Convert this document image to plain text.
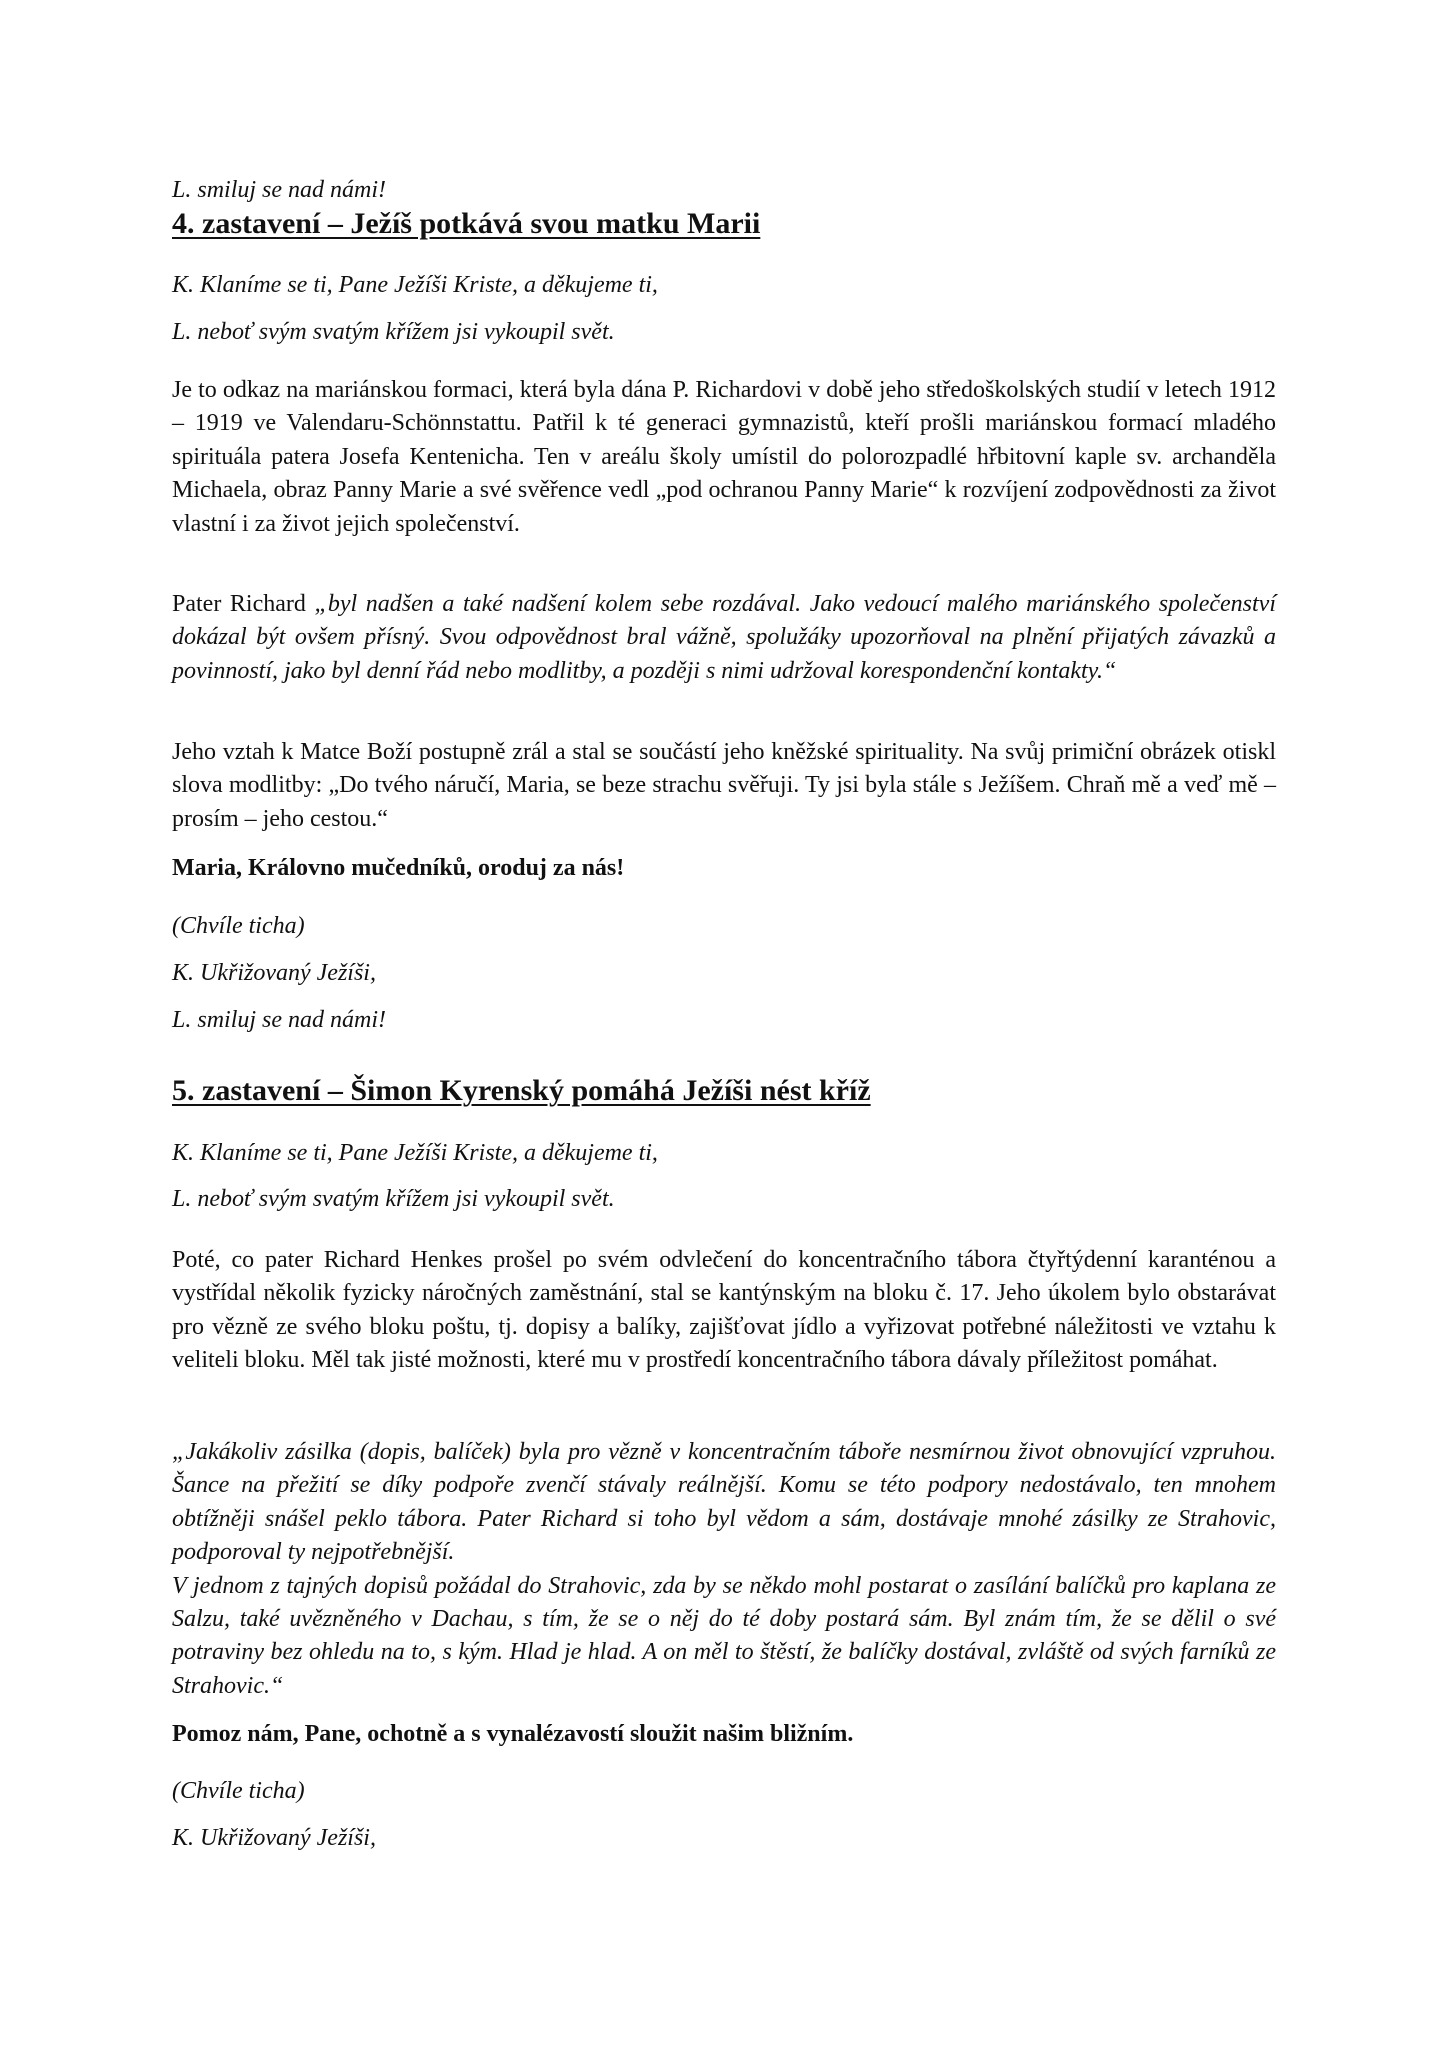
L. smiluj se nad námi!

4. zastavení – Ježíš potkává svou matku Marii

K. Klaníme se ti, Pane Ježíši Kriste, a děkujeme ti,

L. neboť svým svatým křížem jsi vykoupil svět.

Je to odkaz na mariánskou formaci, která byla dána P. Richardovi v době jeho středoškolských studií v letech 1912 – 1919 ve Valendaru-Schönnstattu. Patřil k té generaci gymnazistů, kteří prošli mariánskou formací mladého spirituála patera Josefa Kentenicha. Ten v areálu školy umístil do polorozpadlé hřbitovní kaple sv. archanděla Michaela, obraz Panny Marie a své svěřence vedl „pod ochranou Panny Marie“ k rozvíjení zodpovědnosti za život vlastní i za život jejich společenství.

Pater Richard „byl nadšen a také nadšení kolem sebe rozdával. Jako vedoucí malého mariánského společenství dokázal být ovšem přísný. Svou odpovědnost bral vážně, spolužáky upozorňoval na plnění přijatých závazků a povinností, jako byl denní řád nebo modlitby, a později s nimi udržoval korespondenční kontakty.“

Jeho vztah k Matce Boží postupně zrál a stal se součástí jeho kněžské spirituality. Na svůj primiční obrázek otiskl slova modlitby: „Do tvého náručí, Maria, se beze strachu svěřuji. Ty jsi byla stále s Ježíšem. Chraň mě a veď mě – prosím – jeho cestou.“

Maria, Královno mučedníků, oroduj za nás!

(Chvíle ticha)

K. Ukřižovaný Ježíši,

L. smiluj se nad námi!

5. zastavení – Šimon Kyrenský pomáhá Ježíši nést kříž

K. Klaníme se ti, Pane Ježíši Kriste, a děkujeme ti,

L. neboť svým svatým křížem jsi vykoupil svět.

Poté, co pater Richard Henkes prošel po svém odvlečení do koncentračního tábora čtyřtýdenní karanténou a vystřídal několik fyzicky náročných zaměstnání, stal se kantýnským na bloku č. 17. Jeho úkolem bylo obstarávat pro vězně ze svého bloku poštu, tj. dopisy a balíky, zajišťovat jídlo a vyřizovat potřebné náležitosti ve vztahu k veliteli bloku. Měl tak jisté možnosti, které mu v prostředí koncentračního tábora dávaly příležitost pomáhat.

„Jakákoliv zásilka (dopis, balíček) byla pro vězně v koncentračním táboře nesmírnou život obnovující vzpruhou. Šance na přežití se díky podpoře zvenčí stávaly reálnější. Komu se této podpory nedostávalo, ten mnohem obtížněji snášel peklo tábora. Pater Richard si toho byl vědom a sám, dostávaje mnohé zásilky ze Strahovic, podporoval ty nejpotřebnější.
V jednom z tajných dopisů požádal do Strahovic, zda by se někdo mohl postarat o zasílání balíčků pro kaplana ze Salzu, také uvězněného v Dachau, s tím, že se o něj do té doby postará sám. Byl znám tím, že se dělil o své potraviny bez ohledu na to, s kým. Hlad je hlad. A on měl to štěstí, že balíčky dostával, zvláště od svých farníků ze Strahovic.“

Pomoz nám, Pane, ochotně a s vynalézavostí sloužit našim bližním.

(Chvíle ticha)

K. Ukřižovaný Ježíši,
